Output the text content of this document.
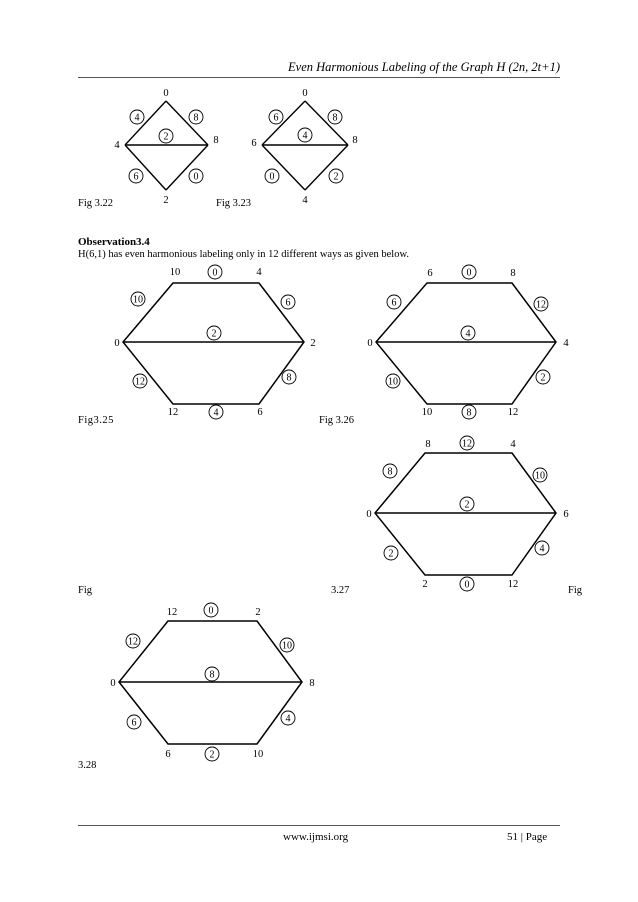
Even Harmonious Labeling of the Graph H (2n, 2t+1)
0
4	8
2
4	8
2
6	0
0
6	8
4
6	8
4
0	2
10	4
0	2
12	6
0
10	6
2
12	8
4
6	8
0	4
10	12
0
6	12
4
10	2
8
8	4
0	6
2	12
12
8	10
2
2	4
0
12	2
0	8
6	10
0
12	10
8
6	4
2
Fig 3.22	Fig 3.23
Observation3.4
H(6,1) has even harmonious labeling only in 12 different ways as given below.
Fig3.25	Fig 3.26
Fig	3.27	Fig
3.28
www.ijmsi.org	51 | Page
